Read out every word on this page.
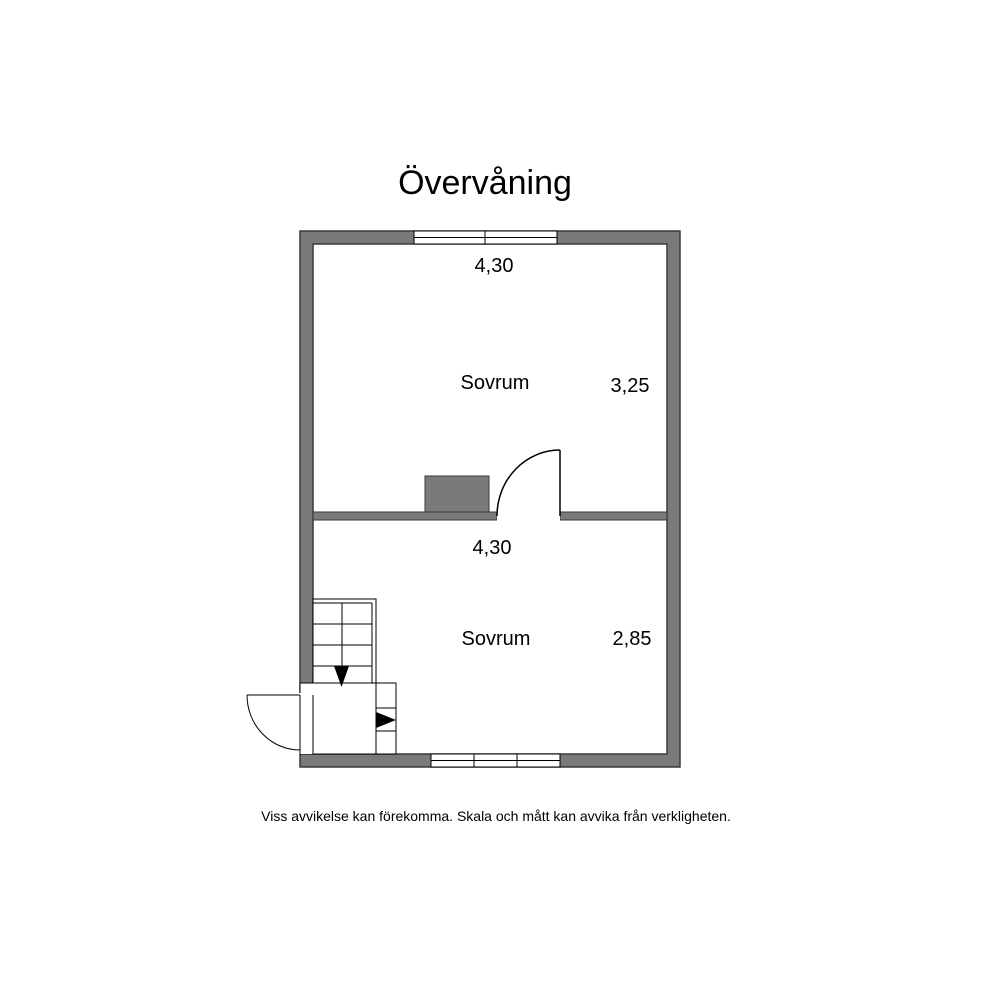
Övervåning
4,30
Sovrum	3,25
4,30
Sovrum	2,85
Viss avvikelse kan förekomma. Skala och mått kan avvika från verkligheten.
